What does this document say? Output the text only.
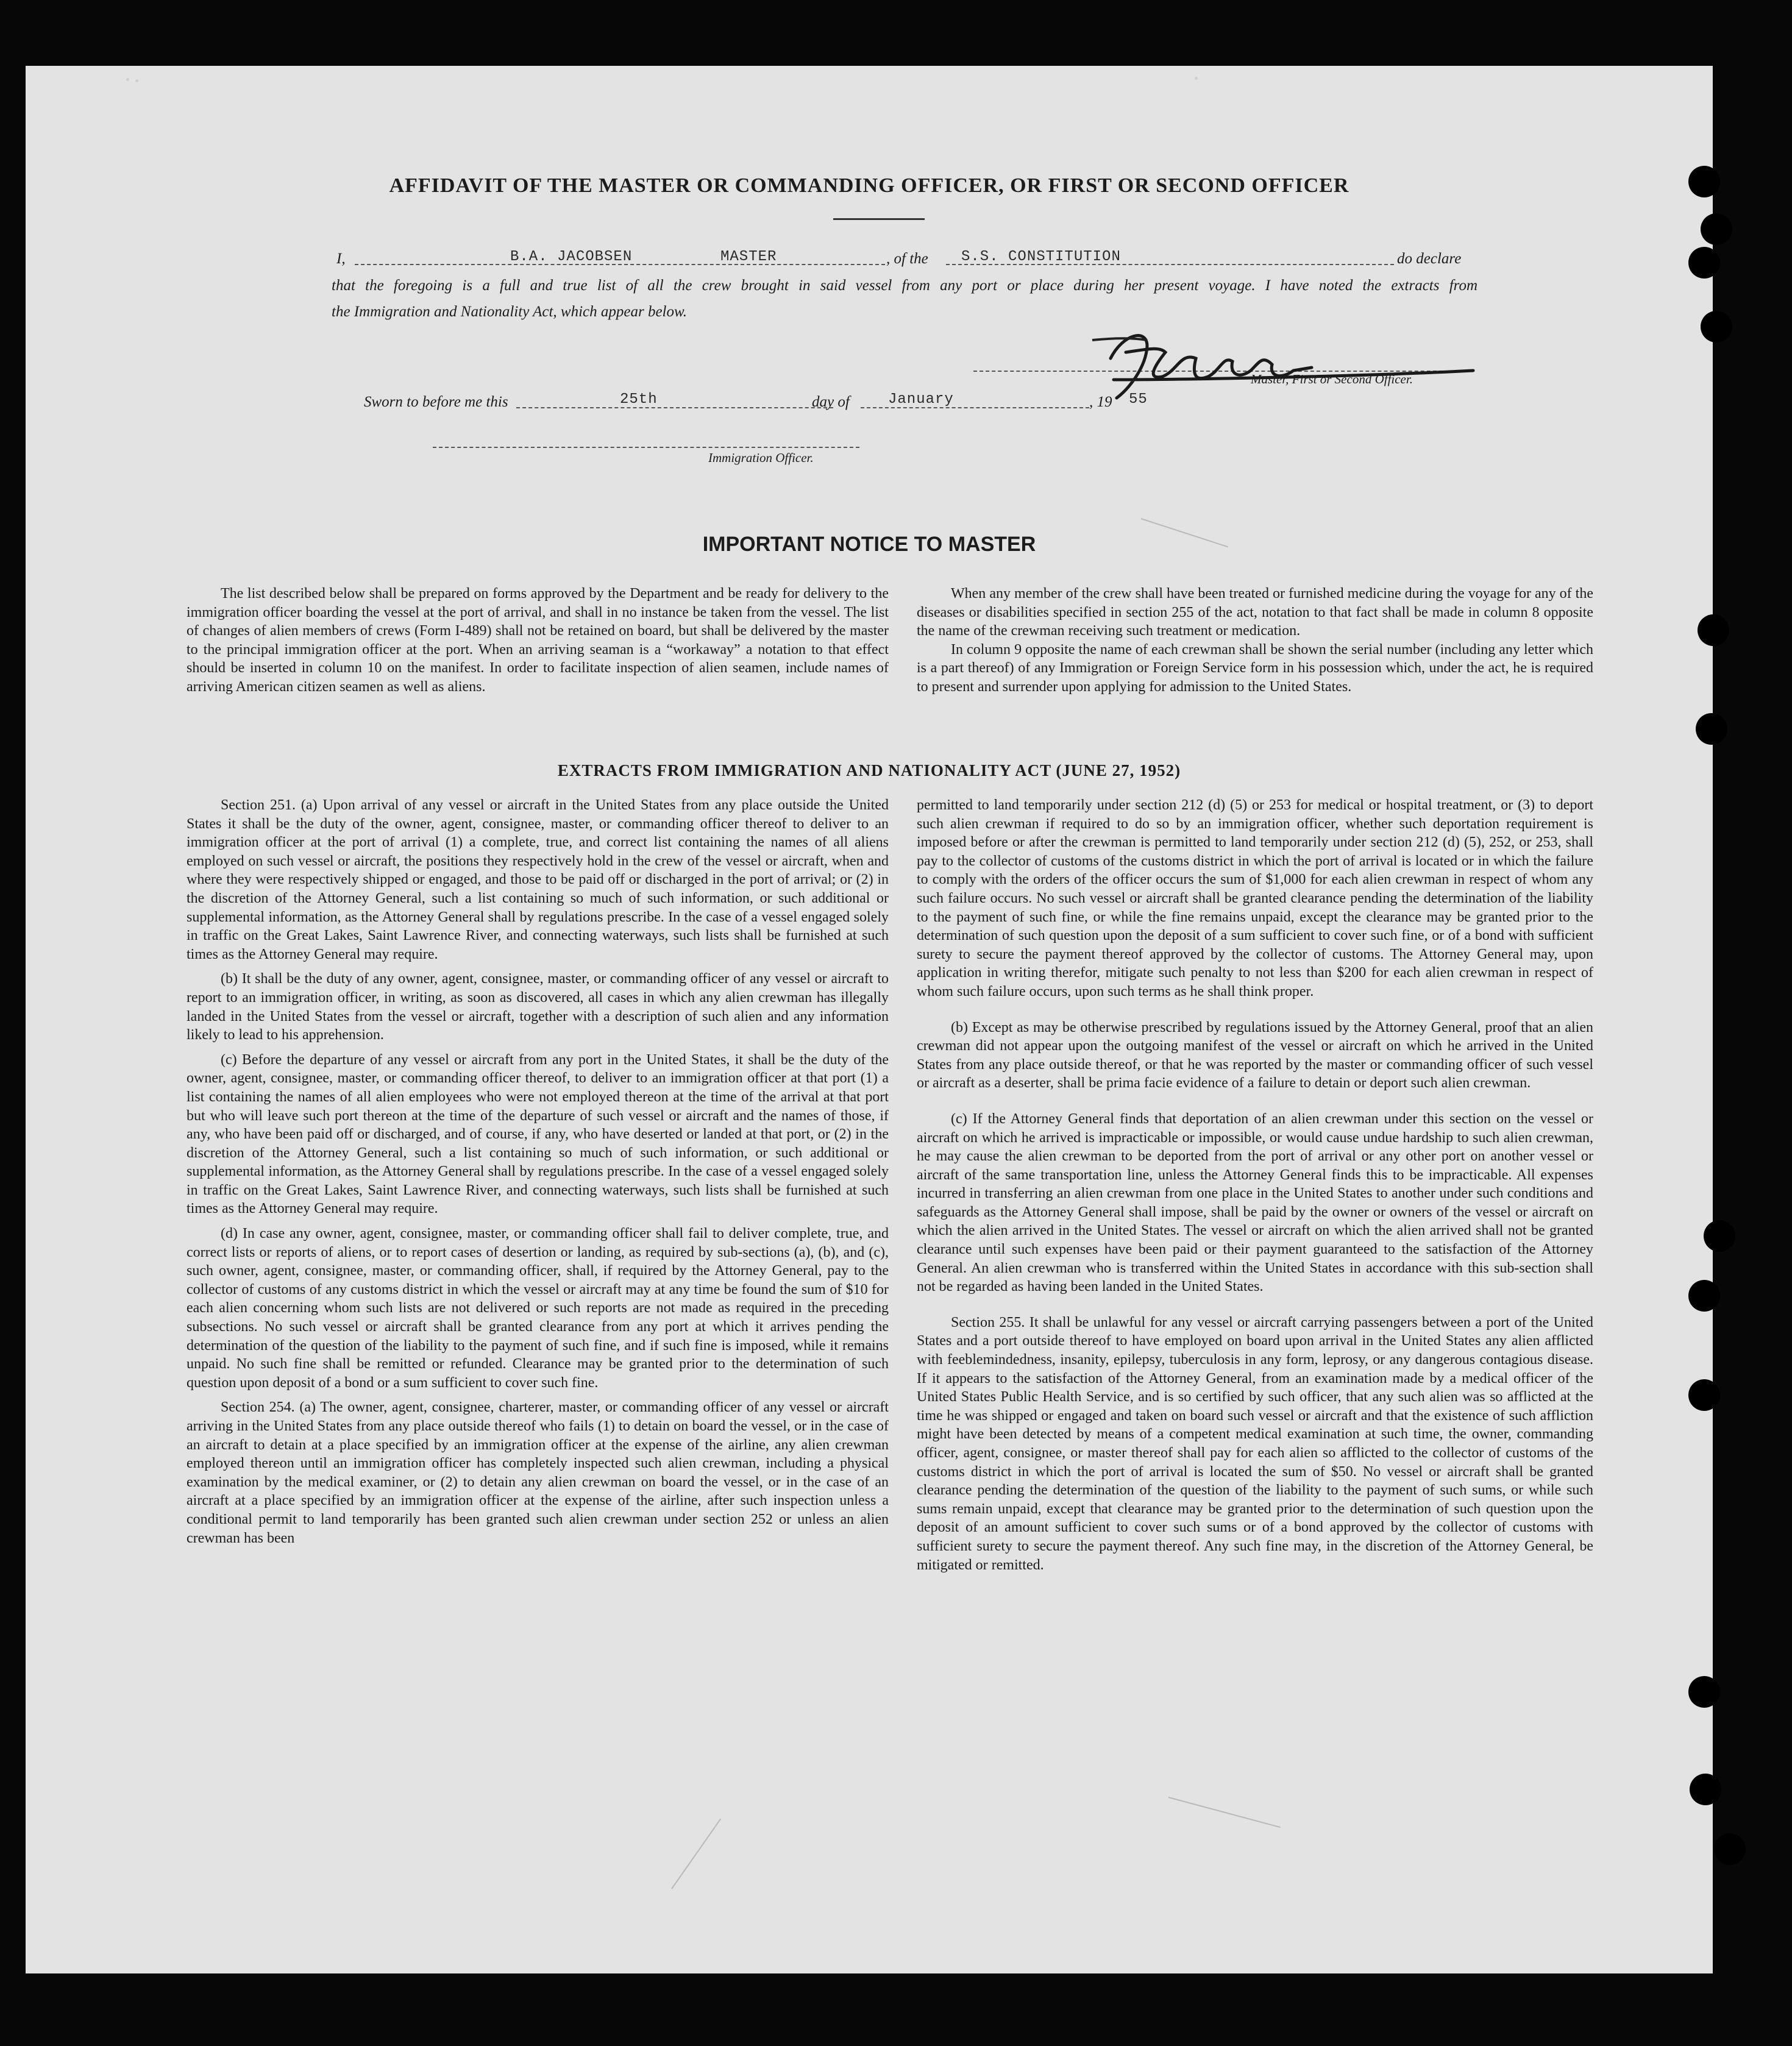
AFFIDAVIT OF THE MASTER OR COMMANDING OFFICER, OR FIRST OR SECOND OFFICER
I,	B.A. JACOBSEN	MASTER	, of the S.S. CONSTITUTION	do declare
that the foregoing is a full and true list of all the crew brought in said vessel from any port or place during her present voyage. I have noted the extracts from
the Immigration and Nationality Act, which appear below.
Master, First or Second Officer.
Sworn to before me this	25th	day of	January	, 19 55
Immigration Officer.
IMPORTANT NOTICE TO MASTER

The list described below shall be prepared on forms approved by the Department and be ready for delivery to the immigration officer boarding the vessel at the port of arrival, and shall in no instance be taken from the vessel. The list of changes of alien members of crews (Form I-489) shall not be retained on board, but shall be delivered by the master to the principal immigration officer at the port. When an arriving seaman is a “workaway” a notation to that effect should be inserted in column 10 on the manifest. In order to facilitate inspection of alien seamen, include names of arriving American citizen seamen as well as aliens.

When any member of the crew shall have been treated or furnished medicine during the voyage for any of the diseases or disabilities specified in section 255 of the act, notation to that fact shall be made in column 8 opposite the name of the crewman receiving such treatment or medication.

In column 9 opposite the name of each crewman shall be shown the serial number (including any letter which is a part thereof) of any Immigration or Foreign Service form in his possession which, under the act, he is required to present and surrender upon applying for admission to the United States.

EXTRACTS FROM IMMIGRATION AND NATIONALITY ACT (JUNE 27, 1952)

Section 251. (a) Upon arrival of any vessel or aircraft in the United States from any place outside the United States it shall be the duty of the owner, agent, consignee, master, or commanding officer thereof to deliver to an immigration officer at the port of arrival (1) a complete, true, and correct list containing the names of all aliens employed on such vessel or aircraft, the positions they respectively hold in the crew of the vessel or aircraft, when and where they were respectively shipped or engaged, and those to be paid off or discharged in the port of arrival; or (2) in the discretion of the Attorney General, such a list containing so much of such information, or such additional or supplemental information, as the Attorney General shall by regulations prescribe. In the case of a vessel engaged solely in traffic on the Great Lakes, Saint Lawrence River, and connecting waterways, such lists shall be furnished at such times as the Attorney General may require.

(b) It shall be the duty of any owner, agent, consignee, master, or commanding officer of any vessel or aircraft to report to an immigration officer, in writing, as soon as discovered, all cases in which any alien crewman has illegally landed in the United States from the vessel or aircraft, together with a description of such alien and any information likely to lead to his apprehension.

(c) Before the departure of any vessel or aircraft from any port in the United States, it shall be the duty of the owner, agent, consignee, master, or commanding officer thereof, to deliver to an immigration officer at that port (1) a list containing the names of all alien employees who were not employed thereon at the time of the arrival at that port but who will leave such port thereon at the time of the departure of such vessel or aircraft and the names of those, if any, who have been paid off or discharged, and of course, if any, who have deserted or landed at that port, or (2) in the discretion of the Attorney General, such a list containing so much of such information, or such additional or supplemental information, as the Attorney General shall by regulations prescribe. In the case of a vessel engaged solely in traffic on the Great Lakes, Saint Lawrence River, and connecting waterways, such lists shall be furnished at such times as the Attorney General may require.

(d) In case any owner, agent, consignee, master, or commanding officer shall fail to deliver complete, true, and correct lists or reports of aliens, or to report cases of desertion or landing, as required by sub-sections (a), (b), and (c), such owner, agent, consignee, master, or commanding officer, shall, if required by the Attorney General, pay to the collector of customs of any customs district in which the vessel or aircraft may at any time be found the sum of $10 for each alien concerning whom such lists are not delivered or such reports are not made as required in the preceding subsections. No such vessel or aircraft shall be granted clearance from any port at which it arrives pending the determination of the question of the liability to the payment of such fine, and if such fine is imposed, while it remains unpaid. No such fine shall be remitted or refunded. Clearance may be granted prior to the determination of such question upon deposit of a bond or a sum sufficient to cover such fine.

Section 254. (a) The owner, agent, consignee, charterer, master, or commanding officer of any vessel or aircraft arriving in the United States from any place outside thereof who fails (1) to detain on board the vessel, or in the case of an aircraft to detain at a place specified by an immigration officer at the expense of the airline, any alien crewman employed thereon until an immigration officer has completely inspected such alien crewman, including a physical examination by the medical examiner, or (2) to detain any alien crewman on board the vessel, or in the case of an aircraft at a place specified by an immigration officer at the expense of the airline, after such inspection unless a conditional permit to land temporarily has been granted such alien crewman under section 252 or unless an alien crewman has been

permitted to land temporarily under section 212 (d) (5) or 253 for medical or hospital treatment, or (3) to deport such alien crewman if required to do so by an immigration officer, whether such deportation requirement is imposed before or after the crewman is permitted to land temporarily under section 212 (d) (5), 252, or 253, shall pay to the collector of customs of the customs district in which the port of arrival is located or in which the failure to comply with the orders of the officer occurs the sum of $1,000 for each alien crewman in respect of whom any such failure occurs. No such vessel or aircraft shall be granted clearance pending the determination of the liability to the payment of such fine, or while the fine remains unpaid, except the clearance may be granted prior to the determination of such question upon the deposit of a sum sufficient to cover such fine, or of a bond with sufficient surety to secure the payment thereof approved by the collector of customs. The Attorney General may, upon application in writing therefor, mitigate such penalty to not less than $200 for each alien crewman in respect of whom such failure occurs, upon such terms as he shall think proper.

(b) Except as may be otherwise prescribed by regulations issued by the Attorney General, proof that an alien crewman did not appear upon the outgoing manifest of the vessel or aircraft on which he arrived in the United States from any place outside thereof, or that he was reported by the master or commanding officer of such vessel or aircraft as a deserter, shall be prima facie evidence of a failure to detain or deport such alien crewman.

(c) If the Attorney General finds that deportation of an alien crewman under this section on the vessel or aircraft on which he arrived is impracticable or impossible, or would cause undue hardship to such alien crewman, he may cause the alien crewman to be deported from the port of arrival or any other port on another vessel or aircraft of the same transportation line, unless the Attorney General finds this to be impracticable. All expenses incurred in transferring an alien crewman from one place in the United States to another under such conditions and safeguards as the Attorney General shall impose, shall be paid by the owner or owners of the vessel or aircraft on which the alien arrived in the United States. The vessel or aircraft on which the alien arrived shall not be granted clearance until such expenses have been paid or their payment guaranteed to the satisfaction of the Attorney General. An alien crewman who is transferred within the United States in accordance with this sub-section shall not be regarded as having been landed in the United States.

Section 255. It shall be unlawful for any vessel or aircraft carrying passengers between a port of the United States and a port outside thereof to have employed on board upon arrival in the United States any alien afflicted with feeblemindedness, insanity, epilepsy, tuberculosis in any form, leprosy, or any dangerous contagious disease. If it appears to the satisfaction of the Attorney General, from an examination made by a medical officer of the United States Public Health Service, and is so certified by such officer, that any such alien was so afflicted at the time he was shipped or engaged and taken on board such vessel or aircraft and that the existence of such affliction might have been detected by means of a competent medical examination at such time, the owner, commanding officer, agent, consignee, or master thereof shall pay for each alien so afflicted to the collector of customs of the customs district in which the port of arrival is located the sum of $50. No vessel or aircraft shall be granted clearance pending the determination of the question of the liability to the payment of such sums, or while such sums remain unpaid, except that clearance may be granted prior to the determination of such question upon the deposit of an amount sufficient to cover such sums or of a bond approved by the collector of customs with sufficient surety to secure the payment thereof. Any such fine may, in the discretion of the Attorney General, be mitigated or remitted.
